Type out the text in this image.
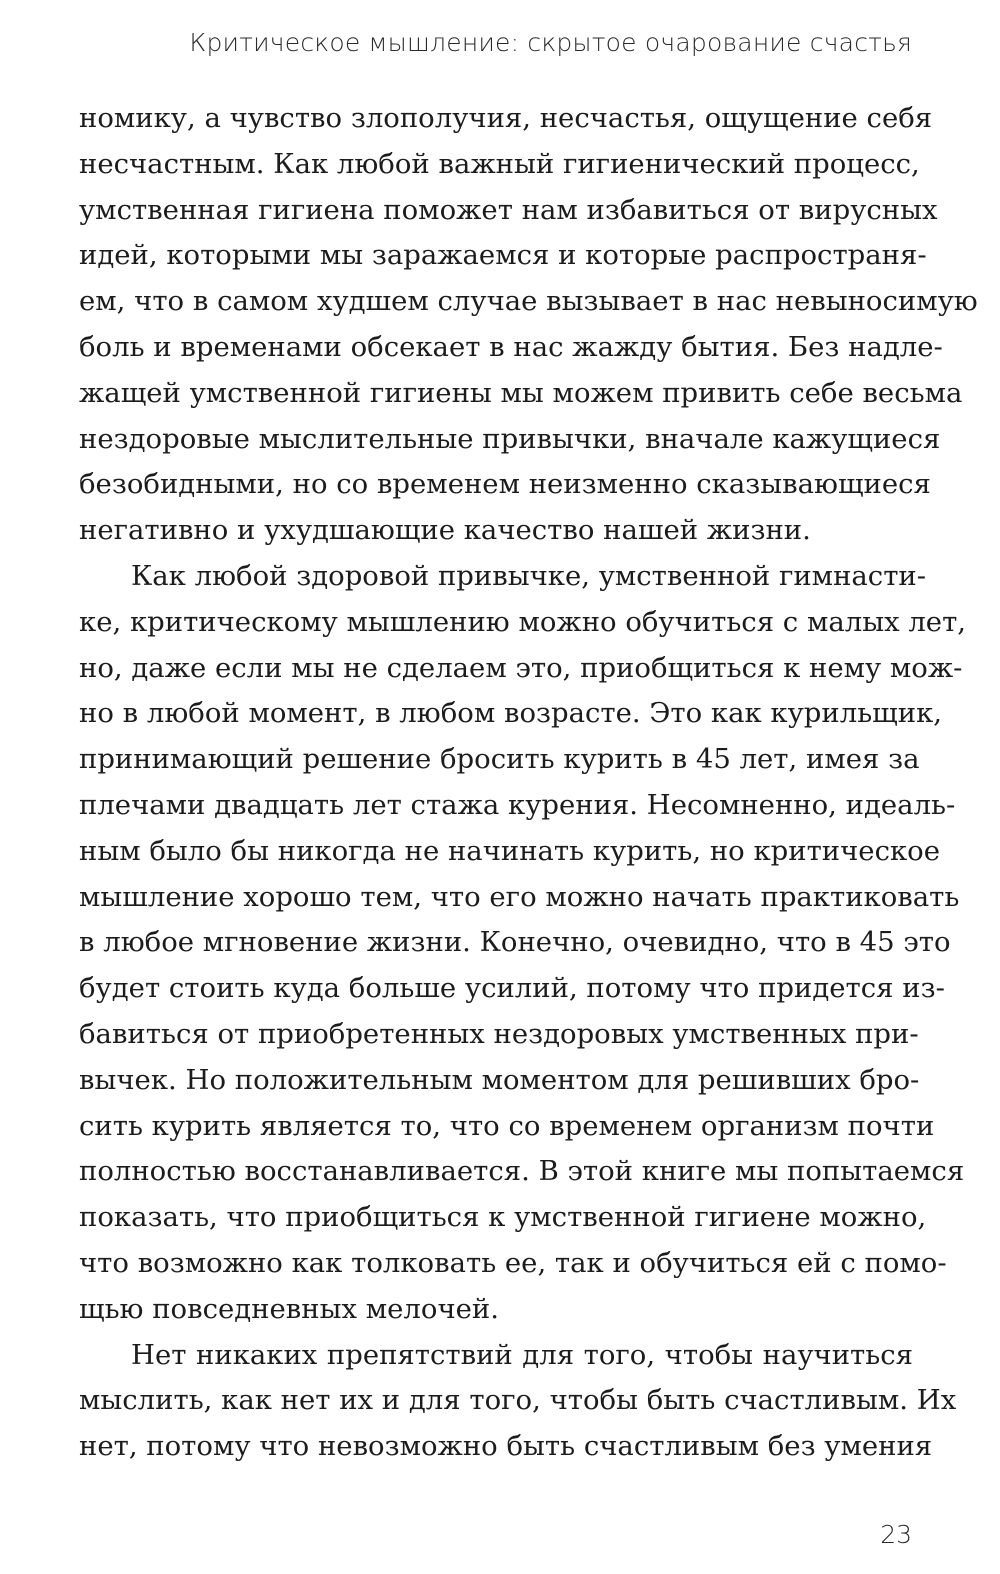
Критическое мышление: скрытое очарование счастья
номику, а чувство злополучия, несчастья, ощущение себя
несчастным. Как любой важный гигиенический процесс,
умственная гигиена поможет нам избавиться от вирусных
идей, которыми мы заражаемся и которые распространя-
ем, что в самом худшем случае вызывает в нас невыносимую
боль и временами обсекает в нас жажду бытия. Без надле-
жащей умственной гигиены мы можем привить себе весьма
нездоровые мыслительные привычки, вначале кажущиеся
безобидными, но со временем неизменно сказывающиеся
негативно и ухудшающие качество нашей жизни.
Как любой здоровой привычке, умственной гимнасти-
ке, критическому мышлению можно обучиться с малых лет,
но, даже если мы не сделаем это, приобщиться к нему мож-
но в любой момент, в любом возрасте. Это как курильщик,
принимающий решение бросить курить в 45 лет, имея за
плечами двадцать лет стажа курения. Несомненно, идеаль-
ным было бы никогда не начинать курить, но критическое
мышление хорошо тем, что его можно начать практиковать
в любое мгновение жизни. Конечно, очевидно, что в 45 это
будет стоить куда больше усилий, потому что придется из-
бавиться от приобретенных нездоровых умственных при-
вычек. Но положительным моментом для решивших бро-
сить курить является то, что со временем организм почти
полностью восстанавливается. В этой книге мы попытаемся
показать, что приобщиться к умственной гигиене можно,
что возможно как толковать ее, так и обучиться ей с помо-
щью повседневных мелочей.
Нет никаких препятствий для того, чтобы научиться
мыслить, как нет их и для того, чтобы быть счастливым. Их
нет, потому что невозможно быть счастливым без умения
23
